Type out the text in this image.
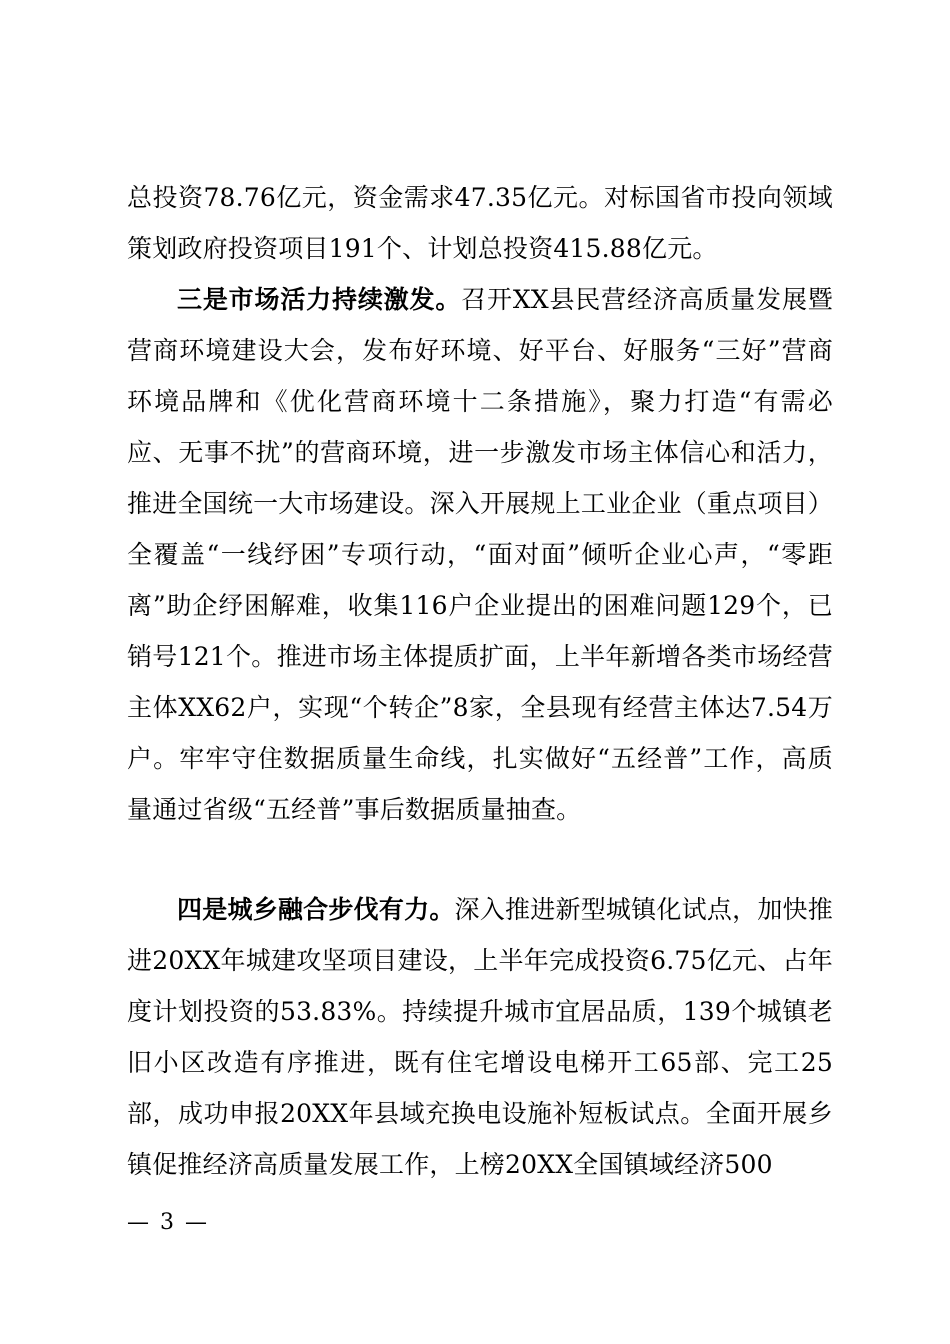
总投资78.76亿元，资金需求47.35亿元。对标国省市投向领域策划政府投资项目191个、计划总投资415.88亿元。

三是市场活力持续激发。召开XX县民营经济高质量发展暨营商环境建设大会，发布好环境、好平台、好服务“三好”营商环境品牌和《优化营商环境十二条措施》，聚力打造“有需必应、无事不扰”的营商环境，进一步激发市场主体信心和活力，推进全国统一大市场建设。深入开展规上工业企业（重点项目）全覆盖“一线纾困”专项行动，“面对面”倾听企业心声，“零距离”助企纾困解难，收集116户企业提出的困难问题129个，已销号121个。推进市场主体提质扩面，上半年新增各类市场经营主体XX62户，实现“个转企”8家，全县现有经营主体达7.54万户。牢牢守住数据质量生命线，扎实做好“五经普”工作，高质量通过省级“五经普”事后数据质量抽查。

四是城乡融合步伐有力。深入推进新型城镇化试点，加快推进20XX年城建攻坚项目建设，上半年完成投资6.75亿元、占年度计划投资的53.83%。持续提升城市宜居品质，139个城镇老旧小区改造有序推进，既有住宅增设电梯开工65部、完工25部，成功申报20XX年县域充换电设施补短板试点。全面开展乡镇促推经济高质量发展工作，上榜20XX全国镇域经济500

— 3 —
